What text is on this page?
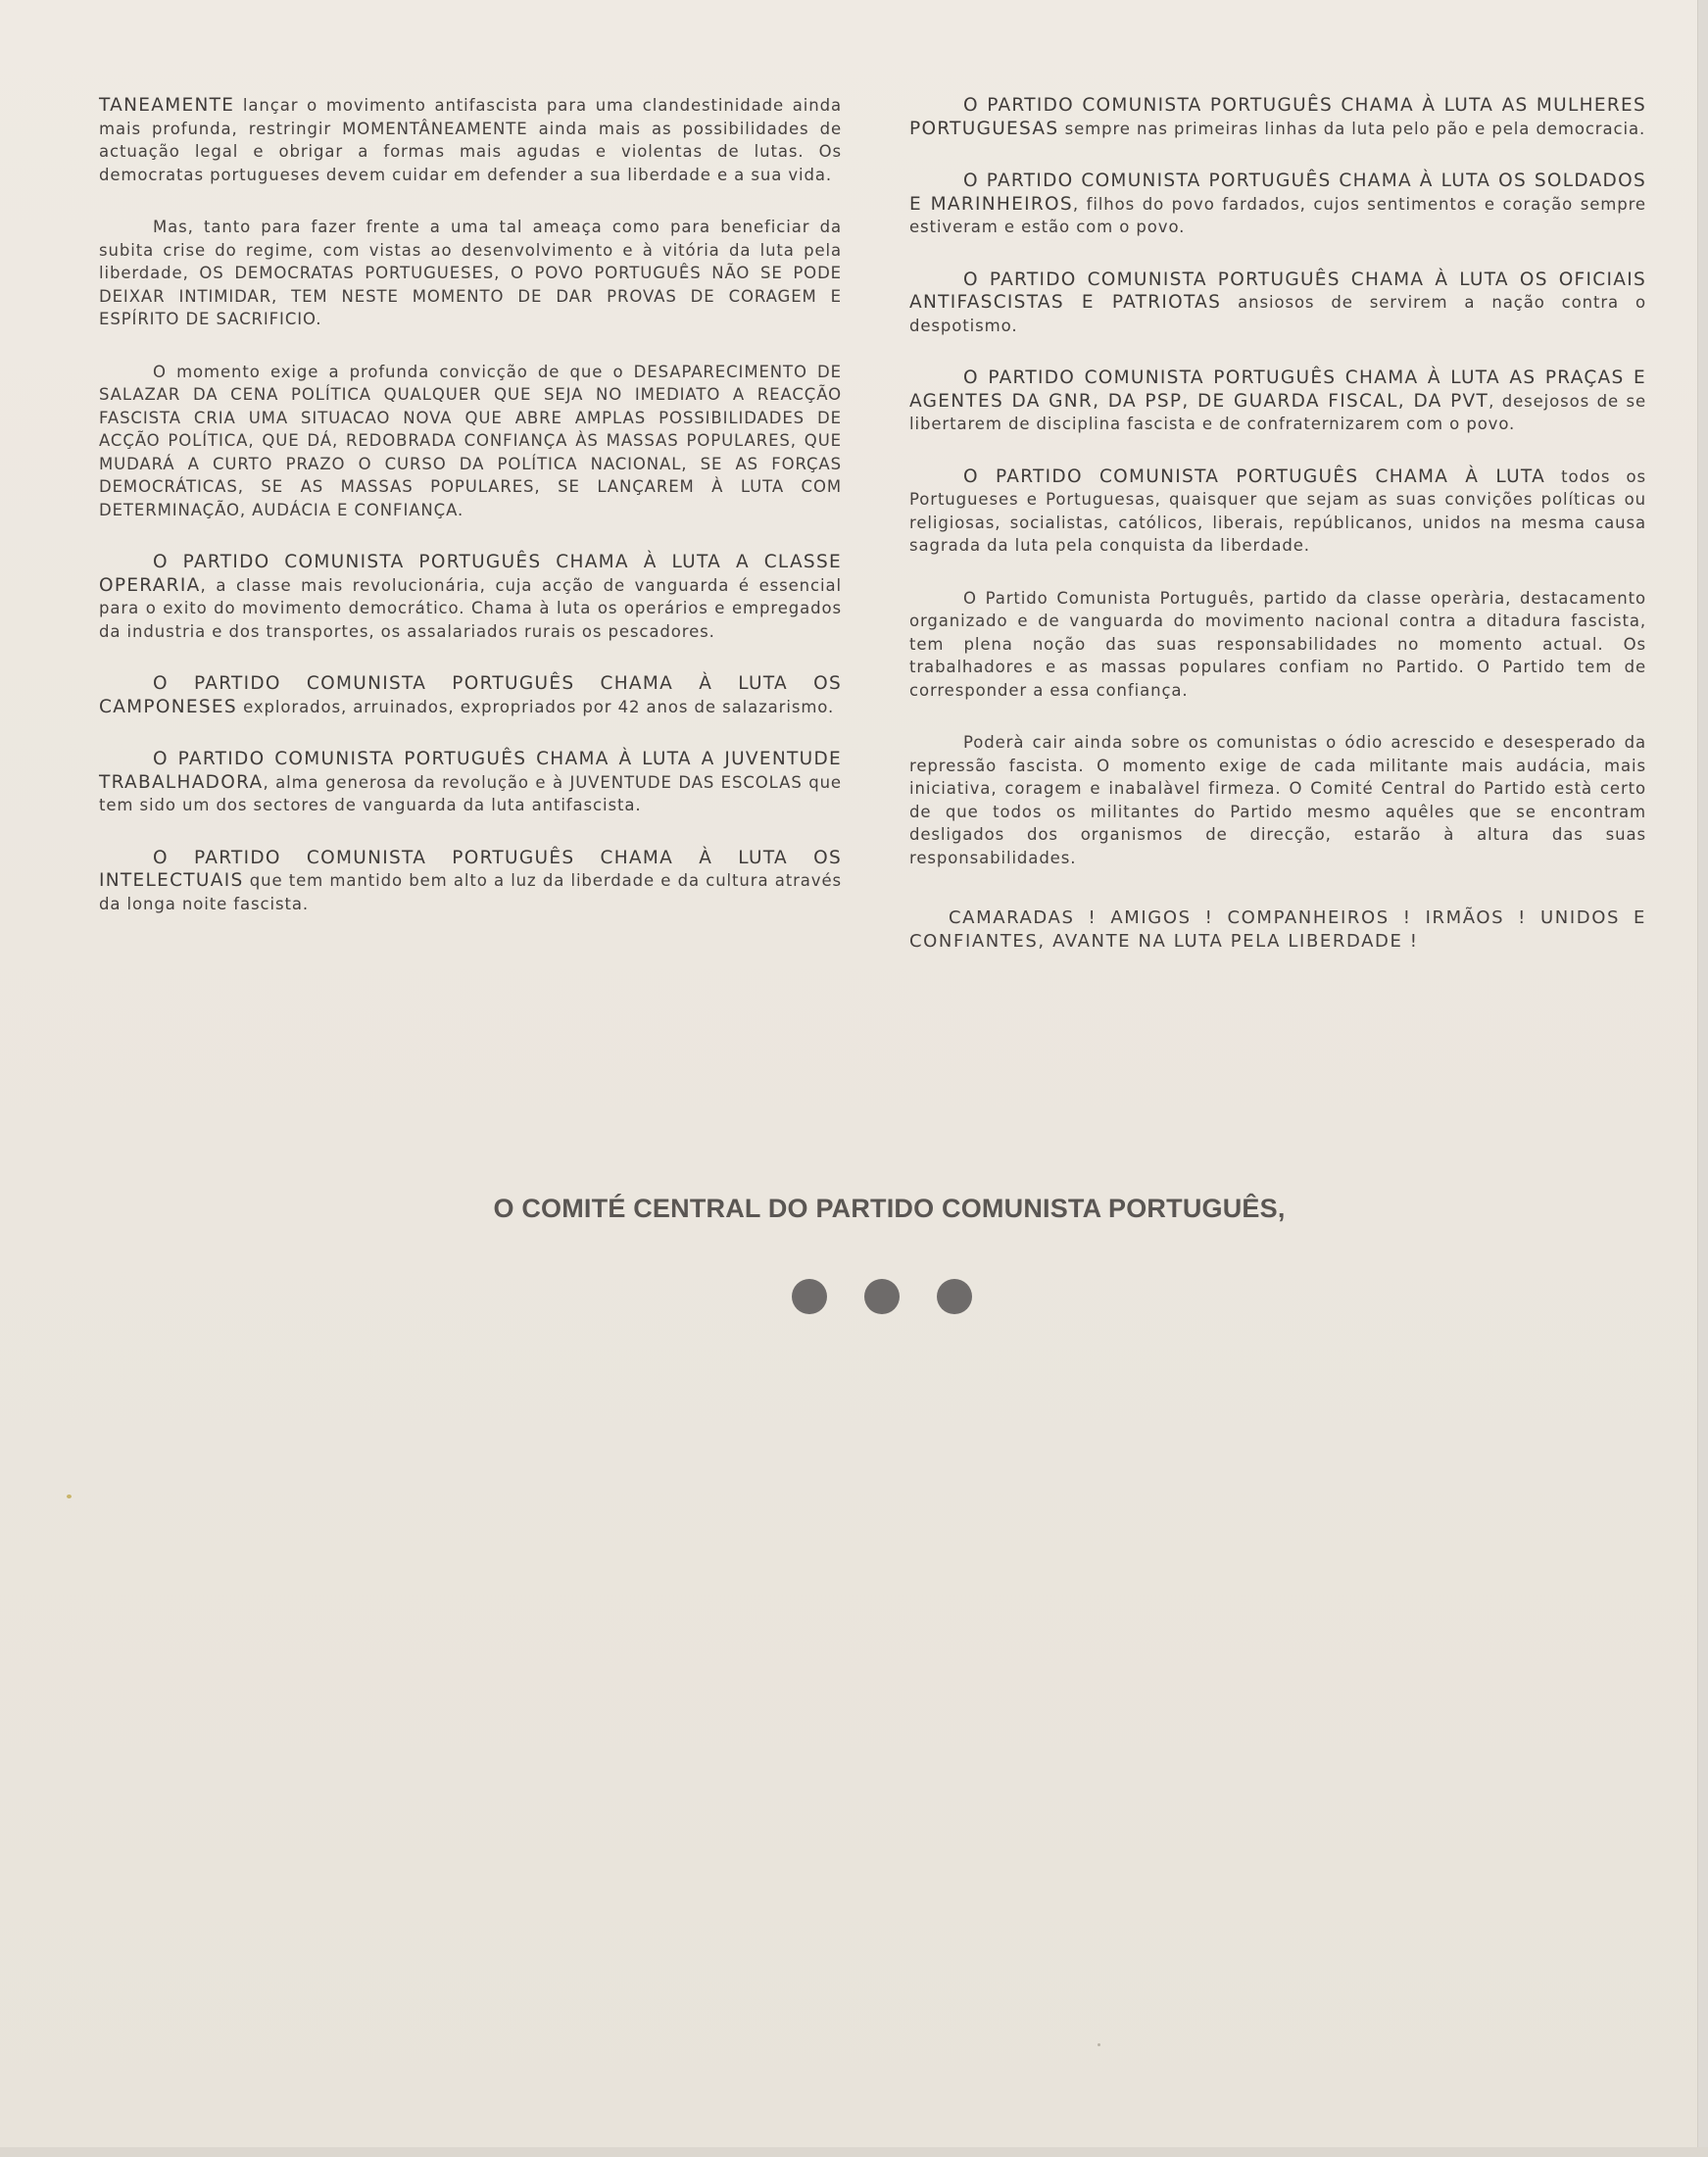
TANEAMENTE lançar o movimento antifascista para uma clandestinidade ainda mais profunda, restringir MOMENTÂNEAMENTE ainda mais as possibilidades de actuação legal e obrigar a formas mais agudas e violentas de lutas. Os democratas portugueses devem cuidar em defender a sua liberdade e a sua vida.

Mas, tanto para fazer frente a uma tal ameaça como para beneficiar da subita crise do regime, com vistas ao desenvolvimento e à vitória da luta pela liberdade, OS DEMOCRATAS PORTUGUESES, O POVO PORTUGUÊS NÃO SE PODE DEIXAR INTIMIDAR, TEM NESTE MOMENTO DE DAR PROVAS DE CORAGEM E ESPÍRITO DE SACRIFICIO.

O momento exige a profunda convicção de que o DESAPARECIMENTO DE SALAZAR DA CENA POLÍTICA QUALQUER QUE SEJA NO IMEDIATO A REACÇÃO FASCISTA CRIA UMA SITUACAO NOVA QUE ABRE AMPLAS POSSIBILIDADES DE ACÇÃO POLÍTICA, QUE DÁ, REDOBRADA CONFIANÇA ÀS MASSAS POPULARES, QUE MUDARÁ A CURTO PRAZO O CURSO DA POLÍTICA NACIONAL, SE AS FORÇAS DEMOCRÁTICAS, SE AS MASSAS POPULARES, SE LANÇAREM À LUTA COM DETERMINAÇÃO, AUDÁCIA E CONFIANÇA.

O PARTIDO COMUNISTA PORTUGUÊS CHAMA À LUTA A CLASSE OPERARIA, a classe mais revolucionária, cuja acção de vanguarda é essencial para o exito do movimento democrático. Chama à luta os operários e empregados da industria e dos transportes, os assalariados rurais os pescadores.

O PARTIDO COMUNISTA PORTUGUÊS CHAMA À LUTA OS CAMPONESES explorados, arruinados, expropriados por 42 anos de salazarismo.

O PARTIDO COMUNISTA PORTUGUÊS CHAMA À LUTA A JUVENTUDE TRABALHADORA, alma generosa da revolução e à JUVENTUDE DAS ESCOLAS que tem sido um dos sectores de vanguarda da luta antifascista.

O PARTIDO COMUNISTA PORTUGUÊS CHAMA À LUTA OS INTELECTUAIS que tem mantido bem alto a luz da liberdade e da cultura através da longa noite fascista.

O PARTIDO COMUNISTA PORTUGUÊS CHAMA À LUTA AS MULHERES PORTUGUESAS sempre nas primeiras linhas da luta pelo pão e pela democracia.

O PARTIDO COMUNISTA PORTUGUÊS CHAMA À LUTA OS SOLDADOS E MARINHEIROS, filhos do povo fardados, cujos sentimentos e coração sempre estiveram e estão com o povo.

O PARTIDO COMUNISTA PORTUGUÊS CHAMA À LUTA OS OFICIAIS ANTIFASCISTAS E PATRIOTAS ansiosos de servirem a nação contra o despotismo.

O PARTIDO COMUNISTA PORTUGUÊS CHAMA À LUTA AS PRAÇAS E AGENTES DA GNR, DA PSP, DE GUARDA FISCAL, DA PVT, desejosos de se libertarem de disciplina fascista e de confraternizarem com o povo.

O PARTIDO COMUNISTA PORTUGUÊS CHAMA À LUTA todos os Portugueses e Portuguesas, quaisquer que sejam as suas convições políticas ou religiosas, socialistas, católicos, liberais, repúblicanos, unidos na mesma causa sagrada da luta pela conquista da liberdade.

O Partido Comunista Português, partido da classe operària, destacamento organizado e de vanguarda do movimento nacional contra a ditadura fascista, tem plena noção das suas responsabilidades no momento actual. Os trabalhadores e as massas populares confiam no Partido. O Partido tem de corresponder a essa confiança.

Poderà cair ainda sobre os comunistas o ódio acrescido e desesperado da repressão fascista. O momento exige de cada militante mais audácia, mais iniciativa, coragem e inabalàvel firmeza. O Comité Central do Partido està certo de que todos os militantes do Partido mesmo aquêles que se encontram desligados dos organismos de direcção, estarão à altura das suas responsabilidades.

CAMARADAS ! AMIGOS ! COMPANHEIROS ! IRMÃOS ! UNIDOS E CONFIANTES, AVANTE NA LUTA PELA LIBERDADE !

O COMITÉ CENTRAL DO PARTIDO COMUNISTA PORTUGUÊS,
